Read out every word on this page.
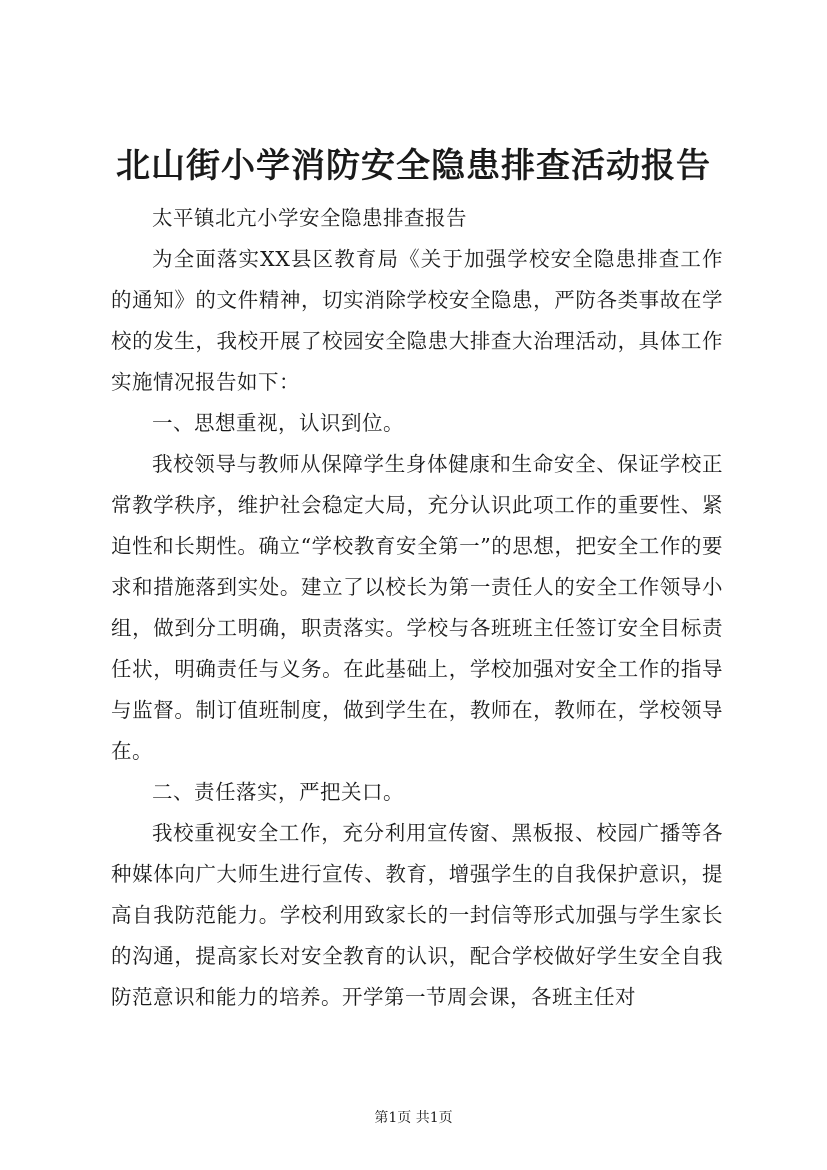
北山街小学消防安全隐患排查活动报告

太平镇北亢小学安全隐患排查报告

为全面落实XX县区教育局《关于加强学校安全隐患排查工作的通知》的文件精神，切实消除学校安全隐患，严防各类事故在学校的发生，我校开展了校园安全隐患大排查大治理活动，具体工作实施情况报告如下：

一、思想重视，认识到位。

我校领导与教师从保障学生身体健康和生命安全、保证学校正常教学秩序，维护社会稳定大局，充分认识此项工作的重要性、紧迫性和长期性。确立“学校教育安全第一”的思想，把安全工作的要求和措施落到实处。建立了以校长为第一责任人的安全工作领导小组，做到分工明确，职责落实。学校与各班班主任签订安全目标责任状，明确责任与义务。在此基础上，学校加强对安全工作的指导与监督。制订值班制度，做到学生在，教师在，教师在，学校领导在。

二、责任落实，严把关口。

我校重视安全工作，充分利用宣传窗、黑板报、校园广播等各种媒体向广大师生进行宣传、教育，增强学生的自我保护意识，提高自我防范能力。学校利用致家长的一封信等形式加强与学生家长的沟通，提高家长对安全教育的认识，配合学校做好学生安全自我防范意识和能力的培养。开学第一节周会课，各班主任对

第1页 共1页
